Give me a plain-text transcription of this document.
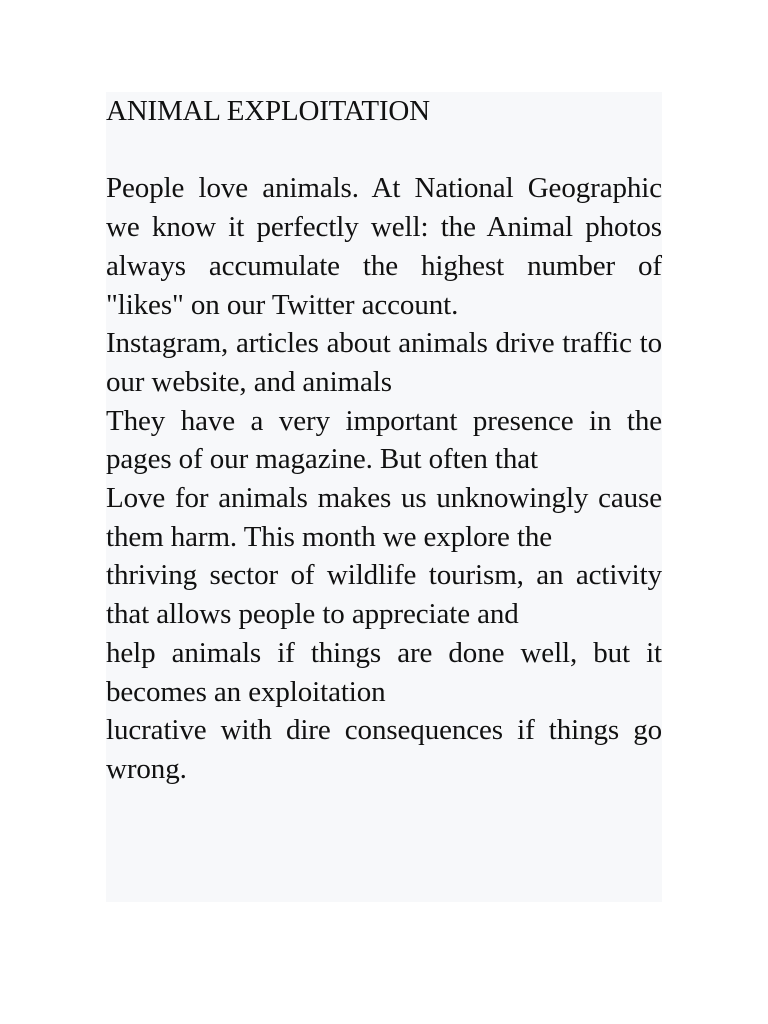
ANIMAL EXPLOITATION

People love animals. At National Geographic we know it perfectly well: the Animal photos always accumulate the highest number of "likes" on our Twitter account.

Instagram, articles about animals drive traffic to our website, and animals

They have a very important presence in the pages of our magazine. But often that

Love for animals makes us unknowingly cause them harm. This month we explore the

thriving sector of wildlife tourism, an activity that allows people to appreciate and

help animals if things are done well, but it becomes an exploitation

lucrative with dire consequences if things go wrong.
